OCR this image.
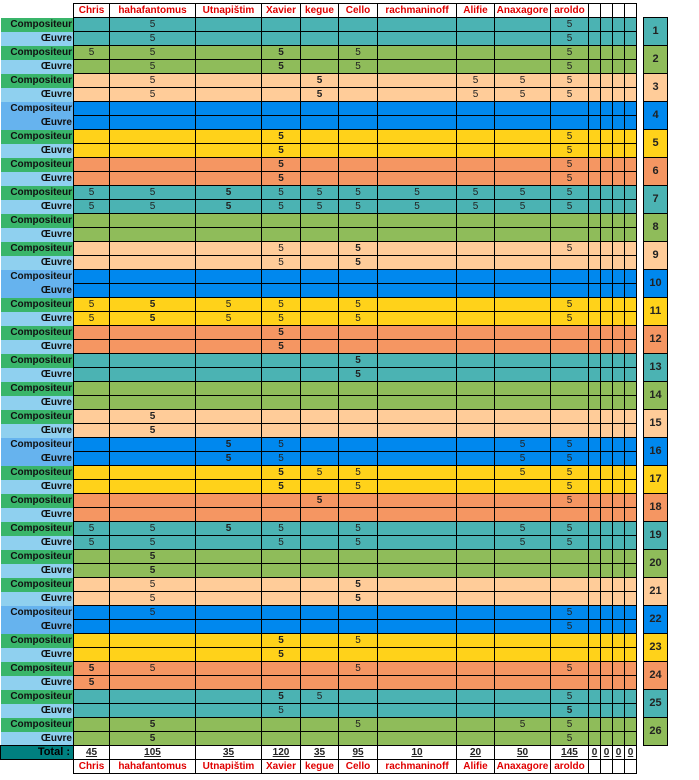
	Chris	hahafantomus	Utnapištim	Xavier	kegue	Cello	rachmaninoff	Alifie	Anaxagore	aroldo						
Compositeur		5								5						1
Œuvre		5								5						
Compositeur	5	5		5		5				5						2
Œuvre		5		5		5				5						
Compositeur		5			5			5	5	5						3
Œuvre		5			5			5	5	5						
Compositeur																4
Œuvre																
Compositeur				5						5						5
Œuvre				5						5						
Compositeur				5						5						6
Œuvre				5						5						
Compositeur	5	5	5	5	5	5	5	5	5	5						7
Œuvre	5	5	5	5	5	5	5	5	5	5						
Compositeur																8
Œuvre																
Compositeur				5		5				5						9
Œuvre				5		5										
Compositeur																10
Œuvre																
Compositeur	5	5	5	5		5				5						11
Œuvre	5	5	5	5		5				5						
Compositeur				5												12
Œuvre				5												
Compositeur						5										13
Œuvre						5										
Compositeur																14
Œuvre																
Compositeur		5														15
Œuvre		5														
Compositeur			5	5					5	5						16
Œuvre			5	5					5	5						
Compositeur				5	5	5			5	5						17
Œuvre				5		5				5						
Compositeur					5					5						18
Œuvre																
Compositeur	5	5	5	5		5			5	5						19
Œuvre	5	5		5		5			5	5						
Compositeur		5														20
Œuvre		5														
Compositeur		5				5										21
Œuvre		5				5										
Compositeur		5								5						22
Œuvre										5						
Compositeur				5		5										23
Œuvre				5												
Compositeur	5	5				5				5						24
Œuvre	5															
Compositeur				5	5					5						25
Œuvre				5						5						
Compositeur		5				5			5	5						26
Œuvre		5								5						
Total :	45	105	35	120	35	95	10	20	50	145	0	0	0	0		
	Chris	hahafantomus	Utnapištim	Xavier	kegue	Cello	rachmaninoff	Alifie	Anaxagore	aroldo						
